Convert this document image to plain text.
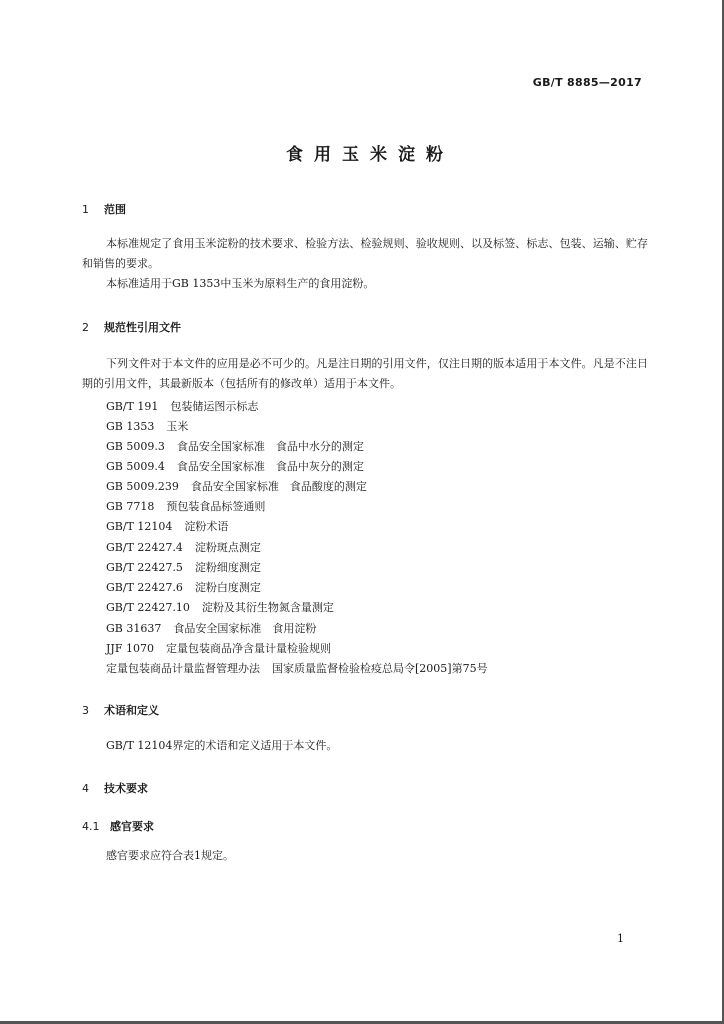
GB/T 8885—2017
食用玉米淀粉
1 范围
本标准规定了食用玉米淀粉的技术要求、检验方法、检验规则、验收规则、以及标签、标志、包装、运输、贮存和销售的要求。
本标准适用于GB 1353中玉米为原料生产的食用淀粉。
2 规范性引用文件
下列文件对于本文件的应用是必不可少的。凡是注日期的引用文件，仅注日期的版本适用于本文件。凡是不注日期的引用文件，其最新版本（包括所有的修改单）适用于本文件。
GB/T 191 包装储运图示标志
GB 1353 玉米
GB 5009.3 食品安全国家标准　食品中水分的测定
GB 5009.4 食品安全国家标准　食品中灰分的测定
GB 5009.239 食品安全国家标准　食品酸度的测定
GB 7718 预包装食品标签通则
GB/T 12104 淀粉术语
GB/T 22427.4 淀粉斑点测定
GB/T 22427.5 淀粉细度测定
GB/T 22427.6 淀粉白度测定
GB/T 22427.10 淀粉及其衍生物氮含量测定
GB 31637 食品安全国家标准　食用淀粉
JJF 1070 定量包装商品净含量计量检验规则
定量包装商品计量监督管理办法 国家质量监督检验检疫总局令[2005]第75号
3 术语和定义
GB/T 12104界定的术语和定义适用于本文件。
4 技术要求
4.1 感官要求
感官要求应符合表1规定。
1
